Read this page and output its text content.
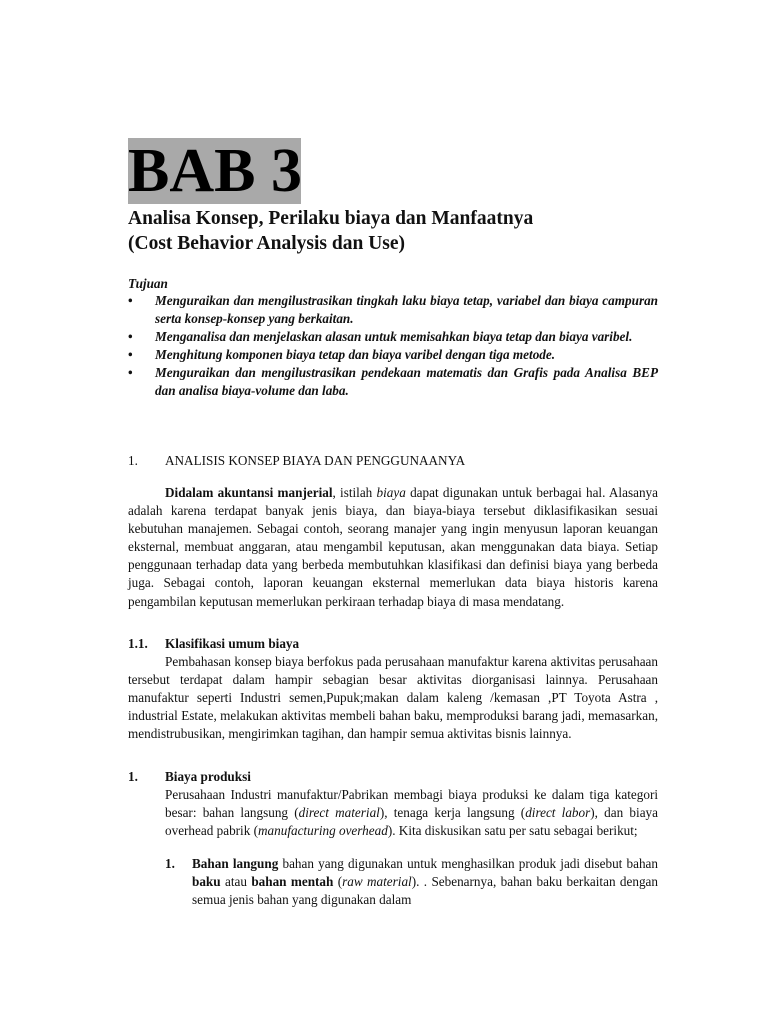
BAB 3
Analisa Konsep, Perilaku biaya dan Manfaatnya
(Cost Behavior Analysis dan Use)
Tujuan
• Menguraikan dan mengilustrasikan tingkah laku biaya tetap, variabel dan biaya campuran serta konsep-konsep yang berkaitan.
• Menganalisa dan menjelaskan alasan untuk memisahkan biaya tetap dan biaya varibel.
• Menghitung komponen biaya tetap dan biaya varibel dengan tiga metode.
• Menguraikan dan mengilustrasikan pendekaan matematis dan Grafis pada Analisa BEP dan analisa biaya-volume dan laba.
1. ANALISIS KONSEP BIAYA DAN PENGGUNAANYA
Didalam akuntansi manjerial, istilah biaya dapat digunakan untuk berbagai hal. Alasanya adalah karena terdapat banyak jenis biaya, dan biaya-biaya tersebut diklasifikasikan sesuai kebutuhan manajemen. Sebagai contoh, seorang manajer yang ingin menyusun laporan keuangan eksternal, membuat anggaran, atau mengambil keputusan, akan menggunakan data biaya. Setiap penggunaan terhadap data yang berbeda membutuhkan klasifikasi dan definisi biaya yang berbeda juga. Sebagai contoh, laporan keuangan eksternal memerlukan data biaya historis karena pengambilan keputusan memerlukan perkiraan terhadap biaya di masa mendatang.
1.1. Klasifikasi umum biaya
Pembahasan konsep biaya berfokus pada perusahaan manufaktur karena aktivitas perusahaan tersebut terdapat dalam hampir sebagian besar aktivitas diorganisasi lainnya. Perusahaan manufaktur seperti Industri semen,Pupuk;makan dalam kaleng /kemasan ,PT Toyota Astra , industrial Estate, melakukan aktivitas membeli bahan baku, memproduksi barang jadi, memasarkan, mendistrubusikan, mengirimkan tagihan, dan hampir semua aktivitas bisnis lainnya.
1. Biaya produksi
Perusahaan Industri manufaktur/Pabrikan membagi biaya produksi ke dalam tiga kategori besar: bahan langsung (direct material), tenaga kerja langsung (direct labor), dan biaya overhead pabrik (manufacturing overhead). Kita diskusikan satu per satu sebagai berikut;
1. Bahan langung bahan yang digunakan untuk menghasilkan produk jadi disebut bahan baku atau bahan mentah (raw material). . Sebenarnya, bahan baku berkaitan dengan semua jenis bahan yang digunakan dalam
